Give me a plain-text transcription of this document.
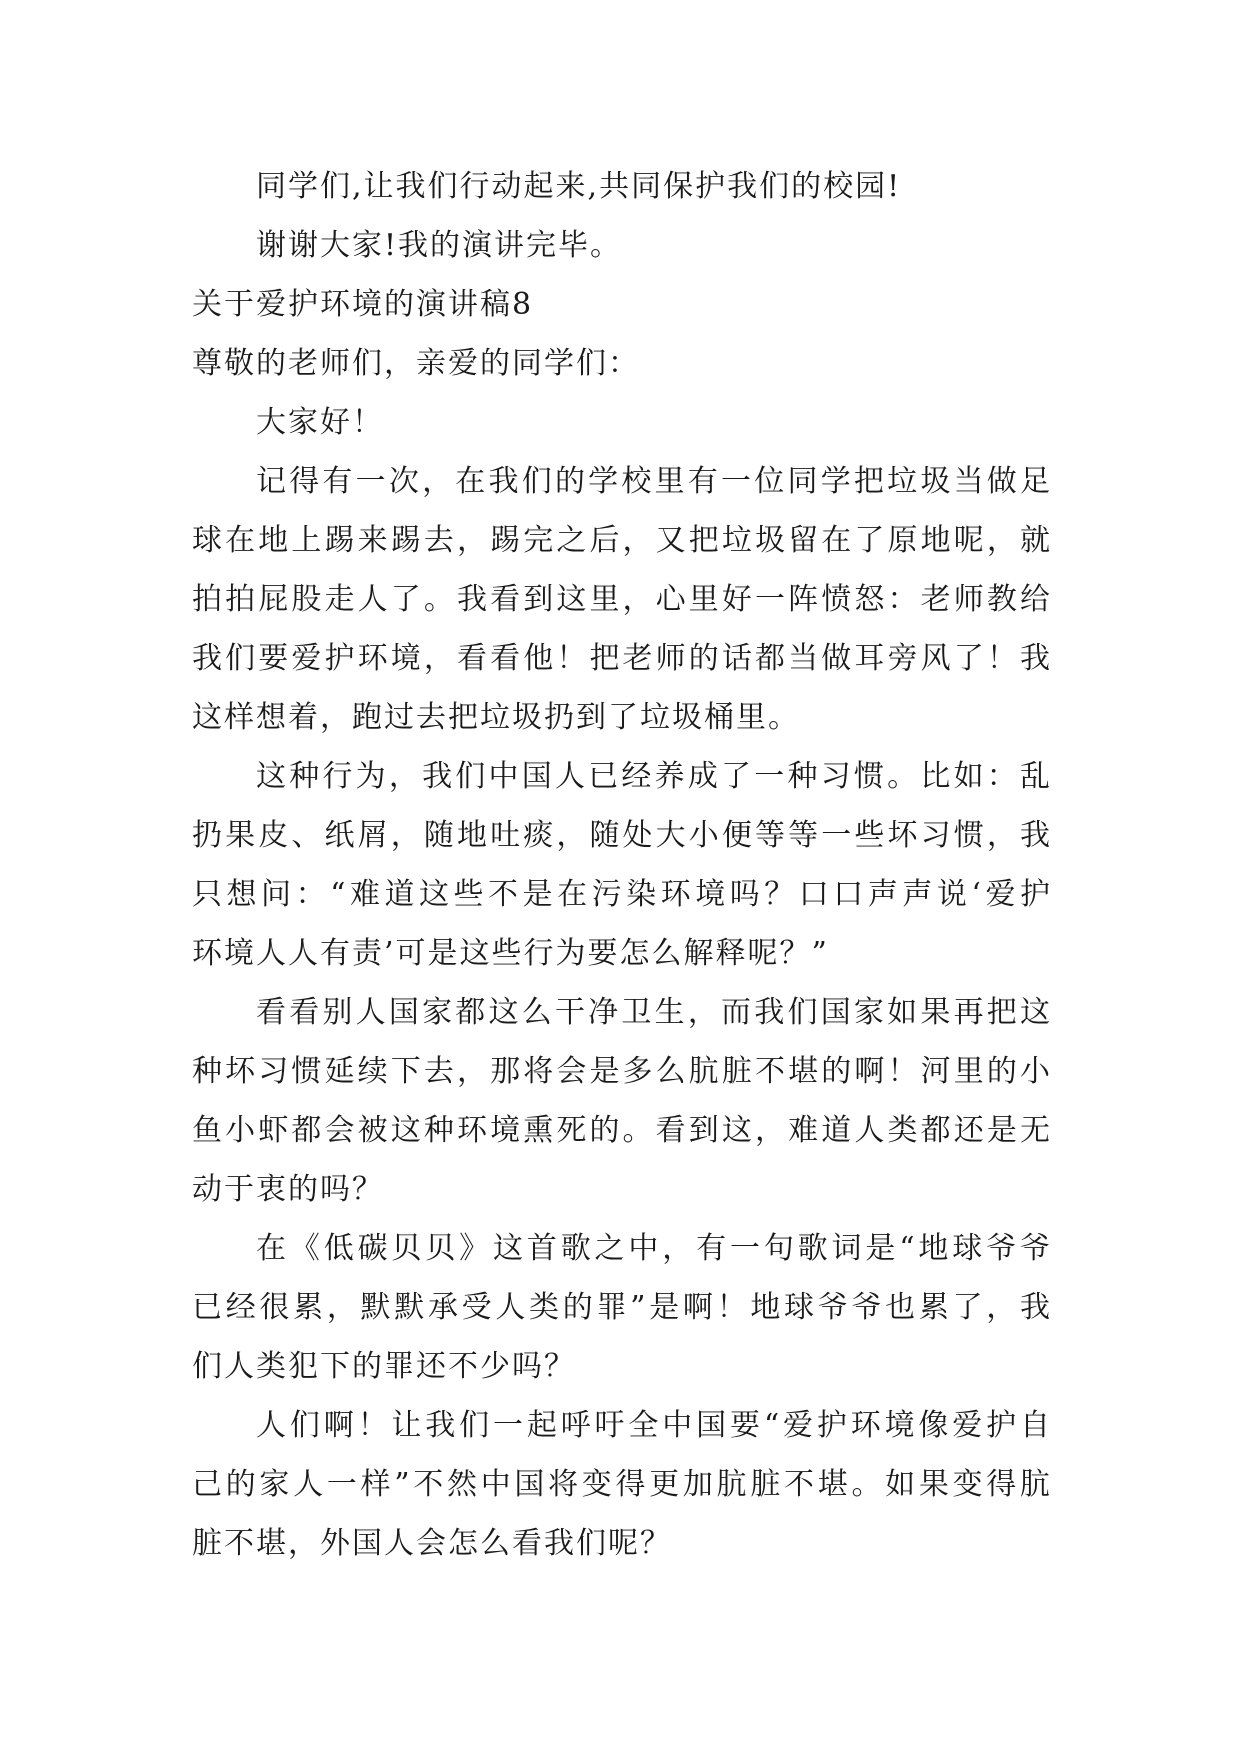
同学们,让我们行动起来,共同保护我们的校园!
谢谢大家!我的演讲完毕。
关于爱护环境的演讲稿8
尊敬的老师们，亲爱的同学们：
大家好！
记得有一次，在我们的学校里有一位同学把垃圾当做足
球在地上踢来踢去，踢完之后，又把垃圾留在了原地呢，就
拍拍屁股走人了。我看到这里，心里好一阵愤怒：老师教给
我们要爱护环境，看看他！把老师的话都当做耳旁风了！我
这样想着，跑过去把垃圾扔到了垃圾桶里。
这种行为，我们中国人已经养成了一种习惯。比如：乱
扔果皮、纸屑，随地吐痰，随处大小便等等一些坏习惯，我
只想问：“难道这些不是在污染环境吗？口口声声说‘爱护
环境人人有责’可是这些行为要怎么解释呢？”
看看别人国家都这么干净卫生，而我们国家如果再把这
种坏习惯延续下去，那将会是多么肮脏不堪的啊！河里的小
鱼小虾都会被这种环境熏死的。看到这，难道人类都还是无
动于衷的吗？
在《低碳贝贝》这首歌之中，有一句歌词是“地球爷爷
已经很累，默默承受人类的罪”是啊！地球爷爷也累了，我
们人类犯下的罪还不少吗？
人们啊！让我们一起呼吁全中国要“爱护环境像爱护自
己的家人一样”不然中国将变得更加肮脏不堪。如果变得肮
脏不堪，外国人会怎么看我们呢？
